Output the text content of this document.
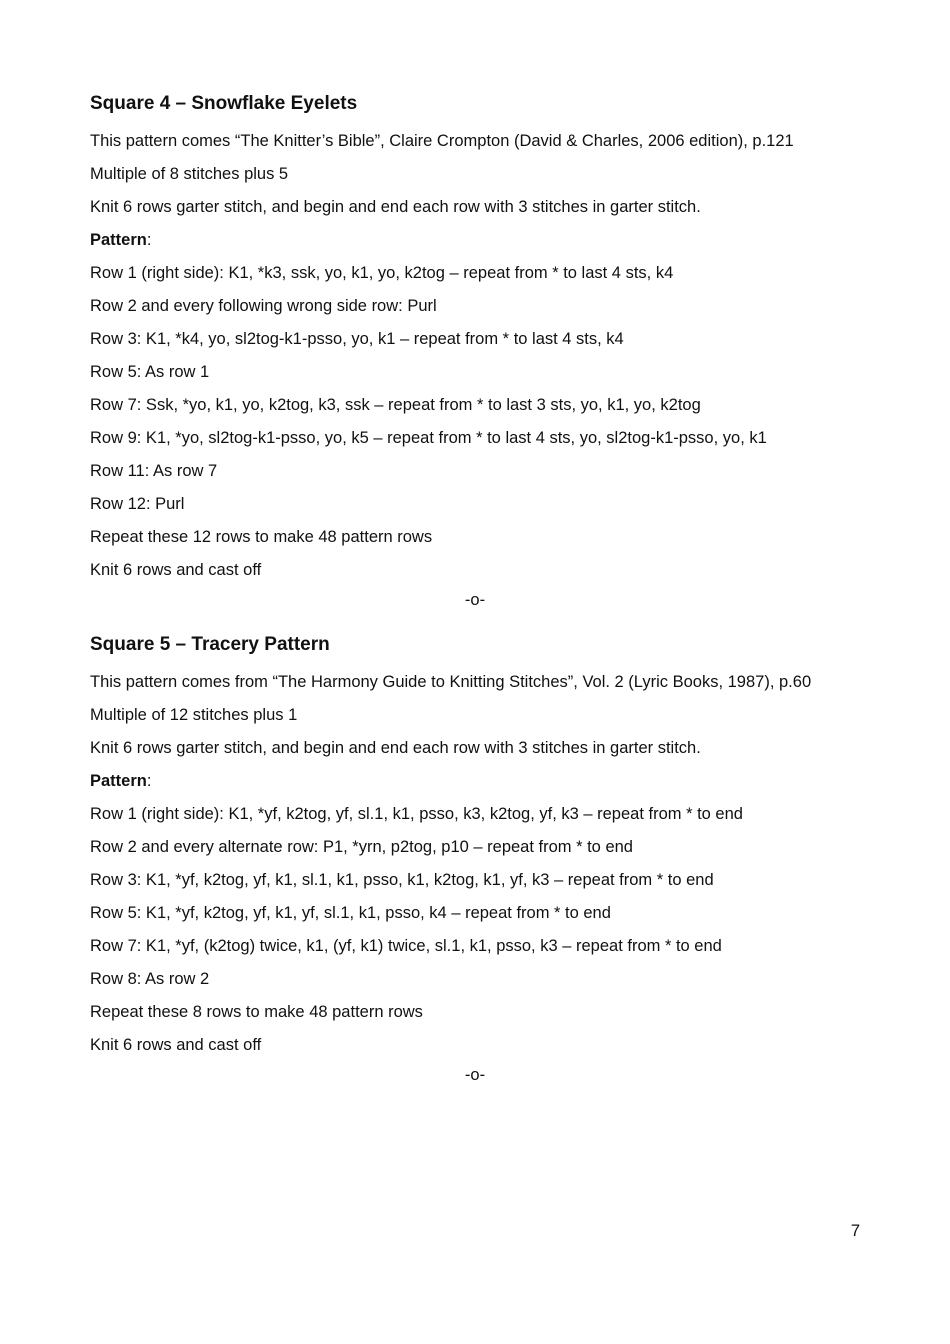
Square 4 – Snowflake Eyelets
This pattern comes “The Knitter’s Bible”, Claire Crompton (David & Charles, 2006 edition), p.121
Multiple of 8 stitches plus 5
Knit 6 rows garter stitch, and begin and end each row with 3 stitches in garter stitch.
Pattern:
Row 1 (right side): K1, *k3, ssk, yo, k1, yo, k2tog – repeat from * to last 4 sts, k4
Row 2 and every following wrong side row: Purl
Row 3: K1, *k4, yo, sl2tog-k1-psso, yo, k1 – repeat from * to last 4 sts, k4
Row 5: As row 1
Row 7: Ssk, *yo, k1, yo, k2tog, k3, ssk – repeat from * to last 3 sts, yo, k1, yo, k2tog
Row 9: K1, *yo, sl2tog-k1-psso, yo, k5 – repeat from * to last 4 sts, yo, sl2tog-k1-psso, yo, k1
Row 11: As row 7
Row 12: Purl
Repeat these 12 rows to make 48 pattern rows
Knit 6 rows and cast off
-o-
Square 5 – Tracery Pattern
This pattern comes from “The Harmony Guide to Knitting Stitches”, Vol. 2 (Lyric Books, 1987), p.60
Multiple of 12 stitches plus 1
Knit 6 rows garter stitch, and begin and end each row with 3 stitches in garter stitch.
Pattern:
Row 1 (right side): K1, *yf, k2tog, yf, sl.1, k1, psso, k3, k2tog, yf, k3 – repeat from * to end
Row 2 and every alternate row: P1, *yrn, p2tog, p10 – repeat from * to end
Row 3: K1, *yf, k2tog, yf, k1, sl.1, k1, psso, k1, k2tog, k1, yf, k3 – repeat from * to end
Row 5: K1, *yf, k2tog, yf, k1, yf, sl.1, k1, psso, k4 – repeat from * to end
Row 7: K1, *yf, (k2tog) twice, k1, (yf, k1) twice, sl.1, k1, psso, k3 – repeat from * to end
Row 8: As row 2
Repeat these 8 rows to make 48 pattern rows
Knit 6 rows and cast off
-o-
7
